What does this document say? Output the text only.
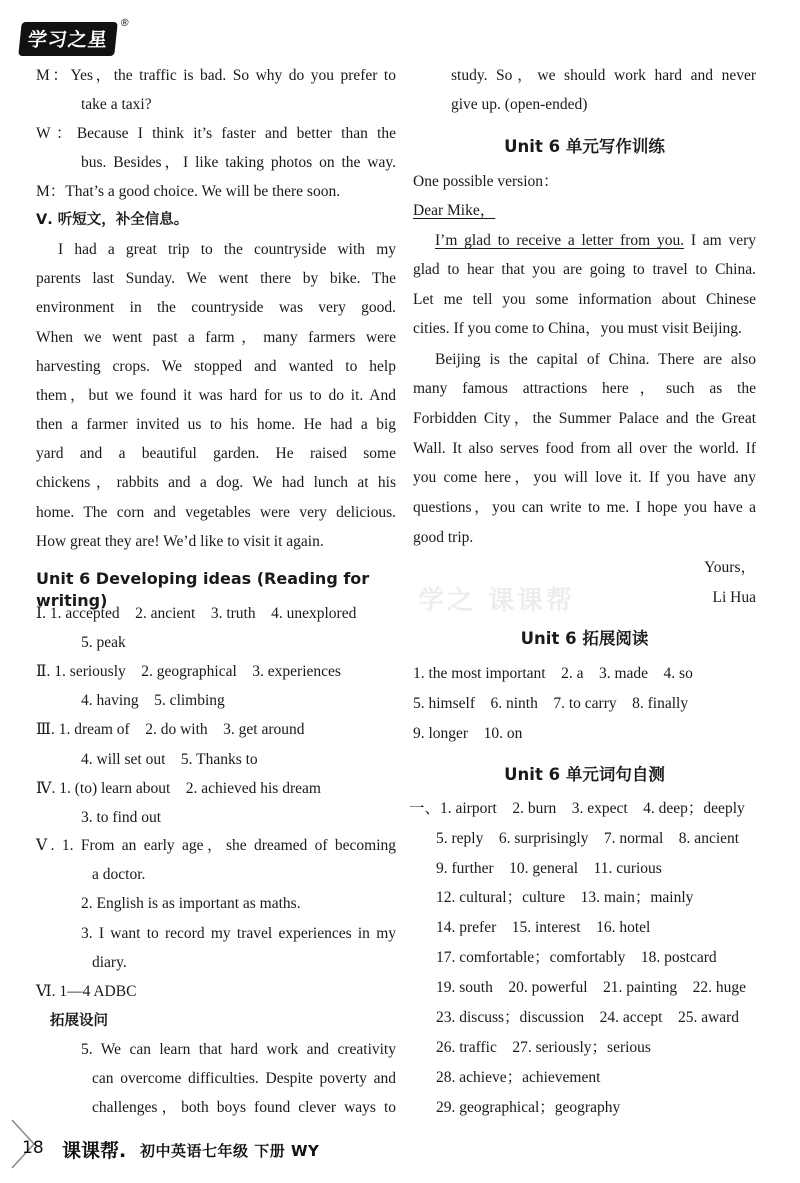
学习之星
®
学之 课课帮
M：Yes，the traffic is bad. So why do you prefer to
take a taxi?
W：Because I think it’s faster and better than the
bus. Besides，I like taking photos on the way.
M：That’s a good choice. We will be there soon.
Ⅴ. 听短文，补全信息。
I had a great trip to the countryside with my
parents last Sunday. We went there by bike. The
environment in the countryside was very good.
When we went past a farm，many farmers were
harvesting crops. We stopped and wanted to help
them，but we found it was hard for us to do it. And
then a farmer invited us to his home. He had a big
yard and a beautiful garden. He raised some
chickens，rabbits and a dog. We had lunch at his
home. The corn and vegetables were very delicious.
How great they are! We’d like to visit it again.
Unit 6 Developing ideas (Reading for writing)
Ⅰ. 1. accepted　2. ancient　3. truth　4. unexplored
5. peak
Ⅱ. 1. seriously　2. geographical　3. experiences
4. having　5. climbing
Ⅲ. 1. dream of　2. do with　3. get around
4. will set out　5. Thanks to
Ⅳ. 1. (to) learn about　2. achieved his dream
3. to find out
Ⅴ. 1. From an early age，she dreamed of becoming
a doctor.
2. English is as important as maths.
3. I want to record my travel experiences in my
diary.
Ⅵ. 1—4 ADBC
拓展设问
5. We can learn that hard work and creativity
can overcome difficulties. Despite poverty and
challenges，both boys found clever ways to
study. So，we should work hard and never
give up. (open-ended)
Unit 6 单元写作训练
One possible version：
Dear Mike，
I’m glad to receive a letter from you. I am very
glad to hear that you are going to travel to China.
Let me tell you some information about Chinese
cities. If you come to China，you must visit Beijing.
Beijing is the capital of China. There are also
many famous attractions here，such as the
Forbidden City，the Summer Palace and the Great
Wall. It also serves food from all over the world. If
you come here，you will love it. If you have any
questions，you can write to me. I hope you have a
good trip.
Yours，
Li Hua
Unit 6 拓展阅读
1. the most important　2. a　3. made　4. so
5. himself　6. ninth　7. to carry　8. finally
9. longer　10. on
Unit 6 单元词句自测
一、1. airport　2. burn　3. expect　4. deep；deeply
5. reply　6. surprisingly　7. normal　8. ancient
9. further　10. general　11. curious
12. cultural；culture　13. main；mainly
14. prefer　15. interest　16. hotel
17. comfortable；comfortably　18. postcard
19. south　20. powerful　21. painting　22. huge
23. discuss；discussion　24. accept　25. award
26. traffic　27. seriously；serious
28. achieve；achievement
29. geographical；geography
18 课课帮. 初中英语七年级 下册 WY
